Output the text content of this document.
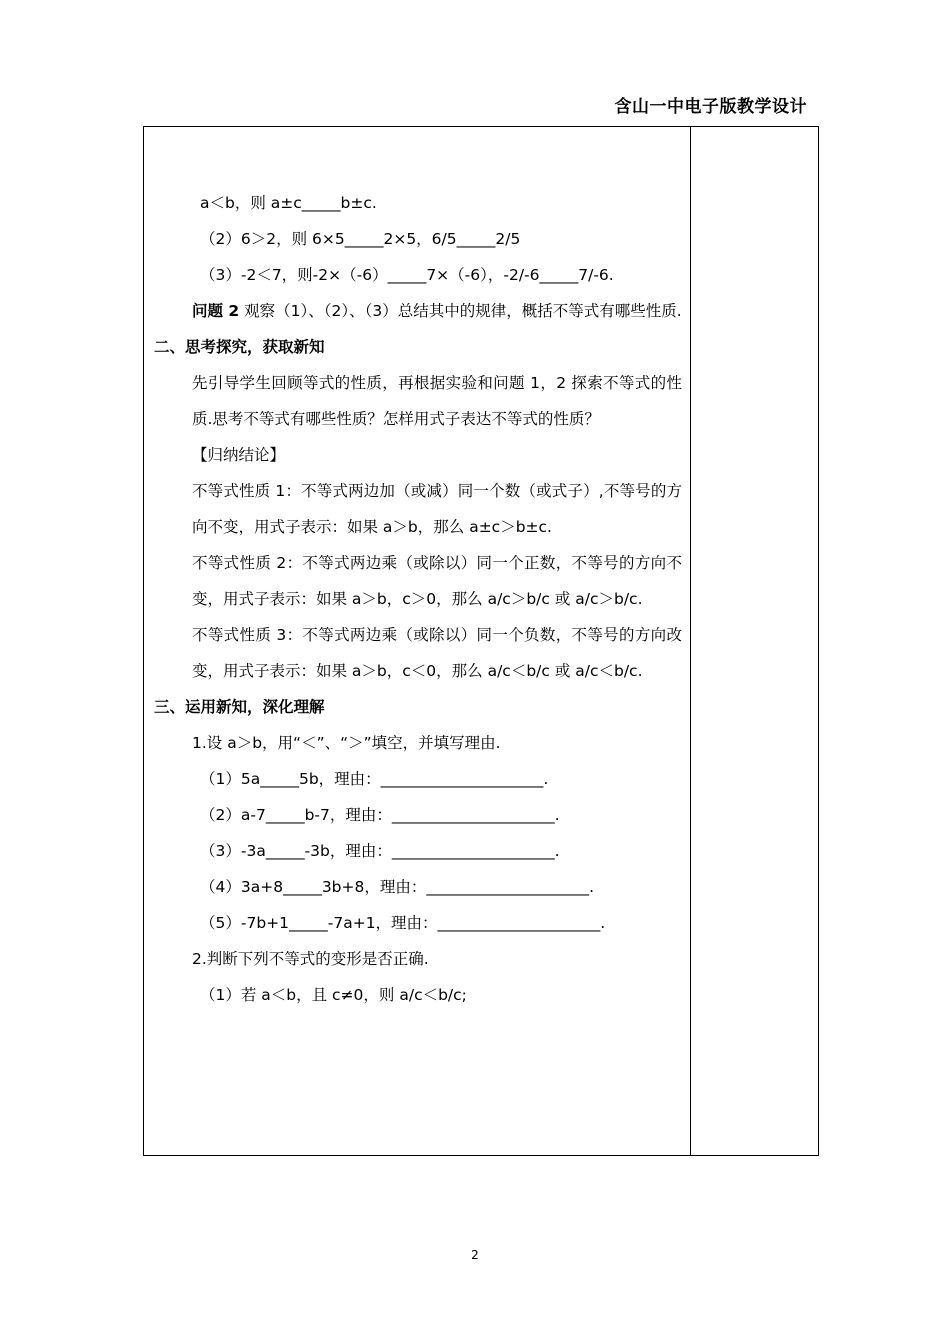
含山一中电子版教学设计
a＜b，则 a±c_____b±c.
（2）6＞2，则 6×5_____2×5，6/5_____2/5
（3）-2＜7，则-2×（-6）_____7×（-6），-2/-6_____7/-6.
问题 2 观察（1）、（2）、（3）总结其中的规律，概括不等式有哪些性质.
二、思考探究，获取新知
先引导学生回顾等式的性质，再根据实验和问题 1，2 探索不等式的性质.思考不等式有哪些性质？怎样用式子表达不等式的性质？
【归纳结论】
不等式性质 1：不等式两边加（或减）同一个数（或式子）,不等号的方向不变，用式子表示：如果 a＞b，那么 a±c＞b±c.
不等式性质 2：不等式两边乘（或除以）同一个正数，不等号的方向不变，用式子表示：如果 a＞b，c＞0，那么 a/c＞b/c 或 a/c＞b/c.
不等式性质 3：不等式两边乘（或除以）同一个负数，不等号的方向改变，用式子表示：如果 a＞b，c＜0，那么 a/c＜b/c 或 a/c＜b/c.
三、运用新知，深化理解
1.设 a＞b，用“＜”、“＞”填空，并填写理由.
（1）5a_____5b，理由：_____________________.
（2）a-7_____b-7，理由：_____________________.
（3）-3a_____-3b，理由：_____________________.
（4）3a+8_____3b+8，理由：_____________________.
（5）-7b+1_____-7a+1，理由：_____________________.
2.判断下列不等式的变形是否正确.
（1）若 a＜b，且 c≠0，则 a/c＜b/c;
2
